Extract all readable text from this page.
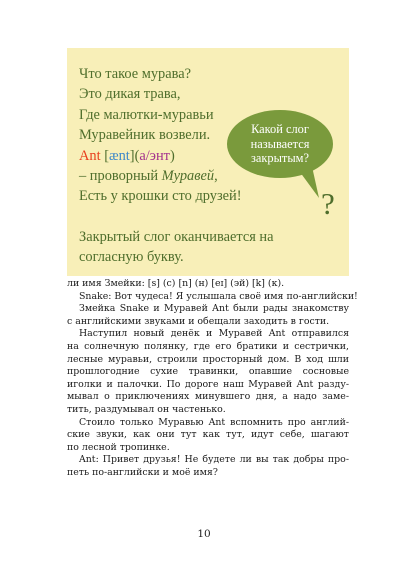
Что такое мурава?
Это дикая трава,
Где малютки-муравьи
Муравейник возвели.
Ant [ænt](а/энт)
– проворный Муравей,
Есть у крошки сто друзей!
Какой слог
называется
закрытым?
?
Закрытый слог оканчивается на
согласную букву.
ли имя Змейки: [s] (с) [n] (н) [eɪ] (эй) [k] (к).
Snake: Вот чудеса! Я услышала своё имя по-английски!
Змейка Snake и Муравей Ant были рады знакомству
с английскими звуками и обещали заходить в гости.
Наступил новый денёк и Муравей Ant отправился
на солнечную полянку, где его братики и сестрички,
лесные муравьи, строили просторный дом. В ход шли
прошлогодние сухие травинки, опавшие сосновые
иголки и палочки. По дороге наш Муравей Ant разду-
мывал о приключениях минувшего дня, а надо заме-
тить, раздумывал он частенько.
Стоило только Муравью Ant вспомнить про англий-
ские звуки, как они тут как тут, идут себе, шагают
по лесной тропинке.
Ant: Привет друзья! Не будете ли вы так добры про-
петь по-английски и моё имя?
10
